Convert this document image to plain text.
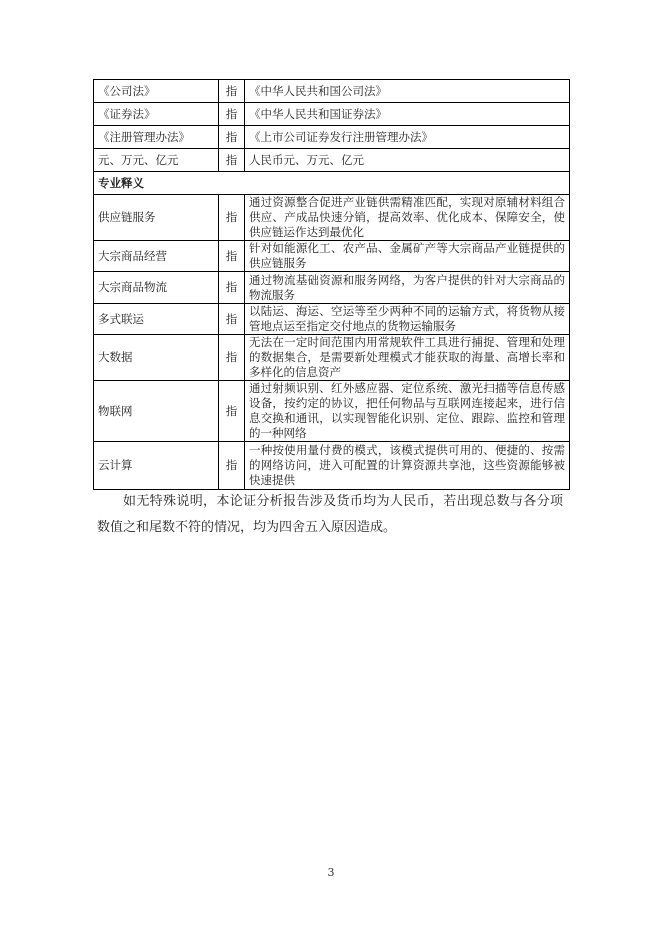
《公司法》	指	《中华人民共和国公司法》
《证券法》	指	《中华人民共和国证券法》
《注册管理办法》	指	《上市公司证券发行注册管理办法》
元、万元、亿元	指	人民币元、万元、亿元
专业释义		
供应链服务	指	通过资源整合促进产业链供需精准匹配，实现对原辅材料组合供应、产成品快速分销，提高效率、优化成本、保障安全，使供应链运作达到最优化
大宗商品经营	指	针对如能源化工、农产品、金属矿产等大宗商品产业链提供的供应链服务
大宗商品物流	指	通过物流基础资源和服务网络，为客户提供的针对大宗商品的物流服务
多式联运	指	以陆运、海运、空运等至少两种不同的运输方式，将货物从接管地点运至指定交付地点的货物运输服务
大数据	指	无法在一定时间范围内用常规软件工具进行捕捉、管理和处理的数据集合，是需要新处理模式才能获取的海量、高增长率和多样化的信息资产
物联网	指	通过射频识别、红外感应器、定位系统、激光扫描等信息传感设备，按约定的协议，把任何物品与互联网连接起来，进行信息交换和通讯，以实现智能化识别、定位、跟踪、监控和管理的一种网络
云计算	指	一种按使用量付费的模式，该模式提供可用的、便捷的、按需的网络访问，进入可配置的计算资源共享池，这些资源能够被快速提供

如无特殊说明，本论证分析报告涉及货币均为人民币，若出现总数与各分项数值之和尾数不符的情况，均为四舍五入原因造成。

3
